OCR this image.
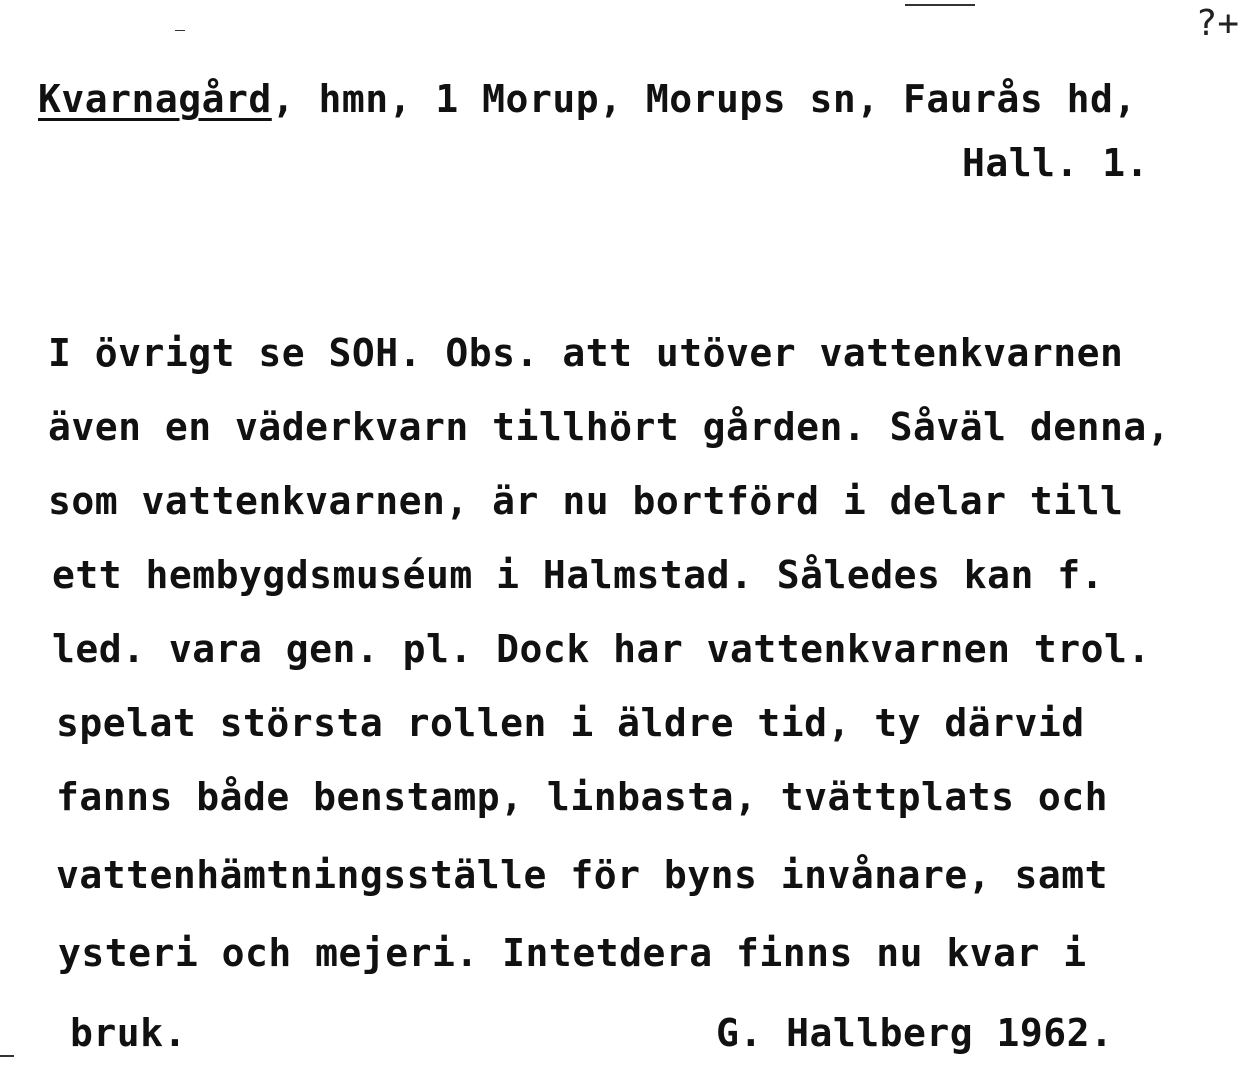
?+
Kvarnagård, hmn, 1 Morup, Morups sn, Faurås hd,
Hall. 1.
I övrigt se SOH. Obs. att utöver vattenkvarnen
även en väderkvarn tillhört gården. Såväl denna,
som vattenkvarnen, är nu bortförd i delar till
ett hembygdsmuséum i Halmstad. Således kan f.
led. vara gen. pl. Dock har vattenkvarnen trol.
spelat största rollen i äldre tid, ty därvid
fanns både benstamp, linbasta, tvättplats och
vattenhämtningsställe för byns invånare, samt
ysteri och mejeri. Intetdera finns nu kvar i
bruk.	G. Hallberg 1962.
